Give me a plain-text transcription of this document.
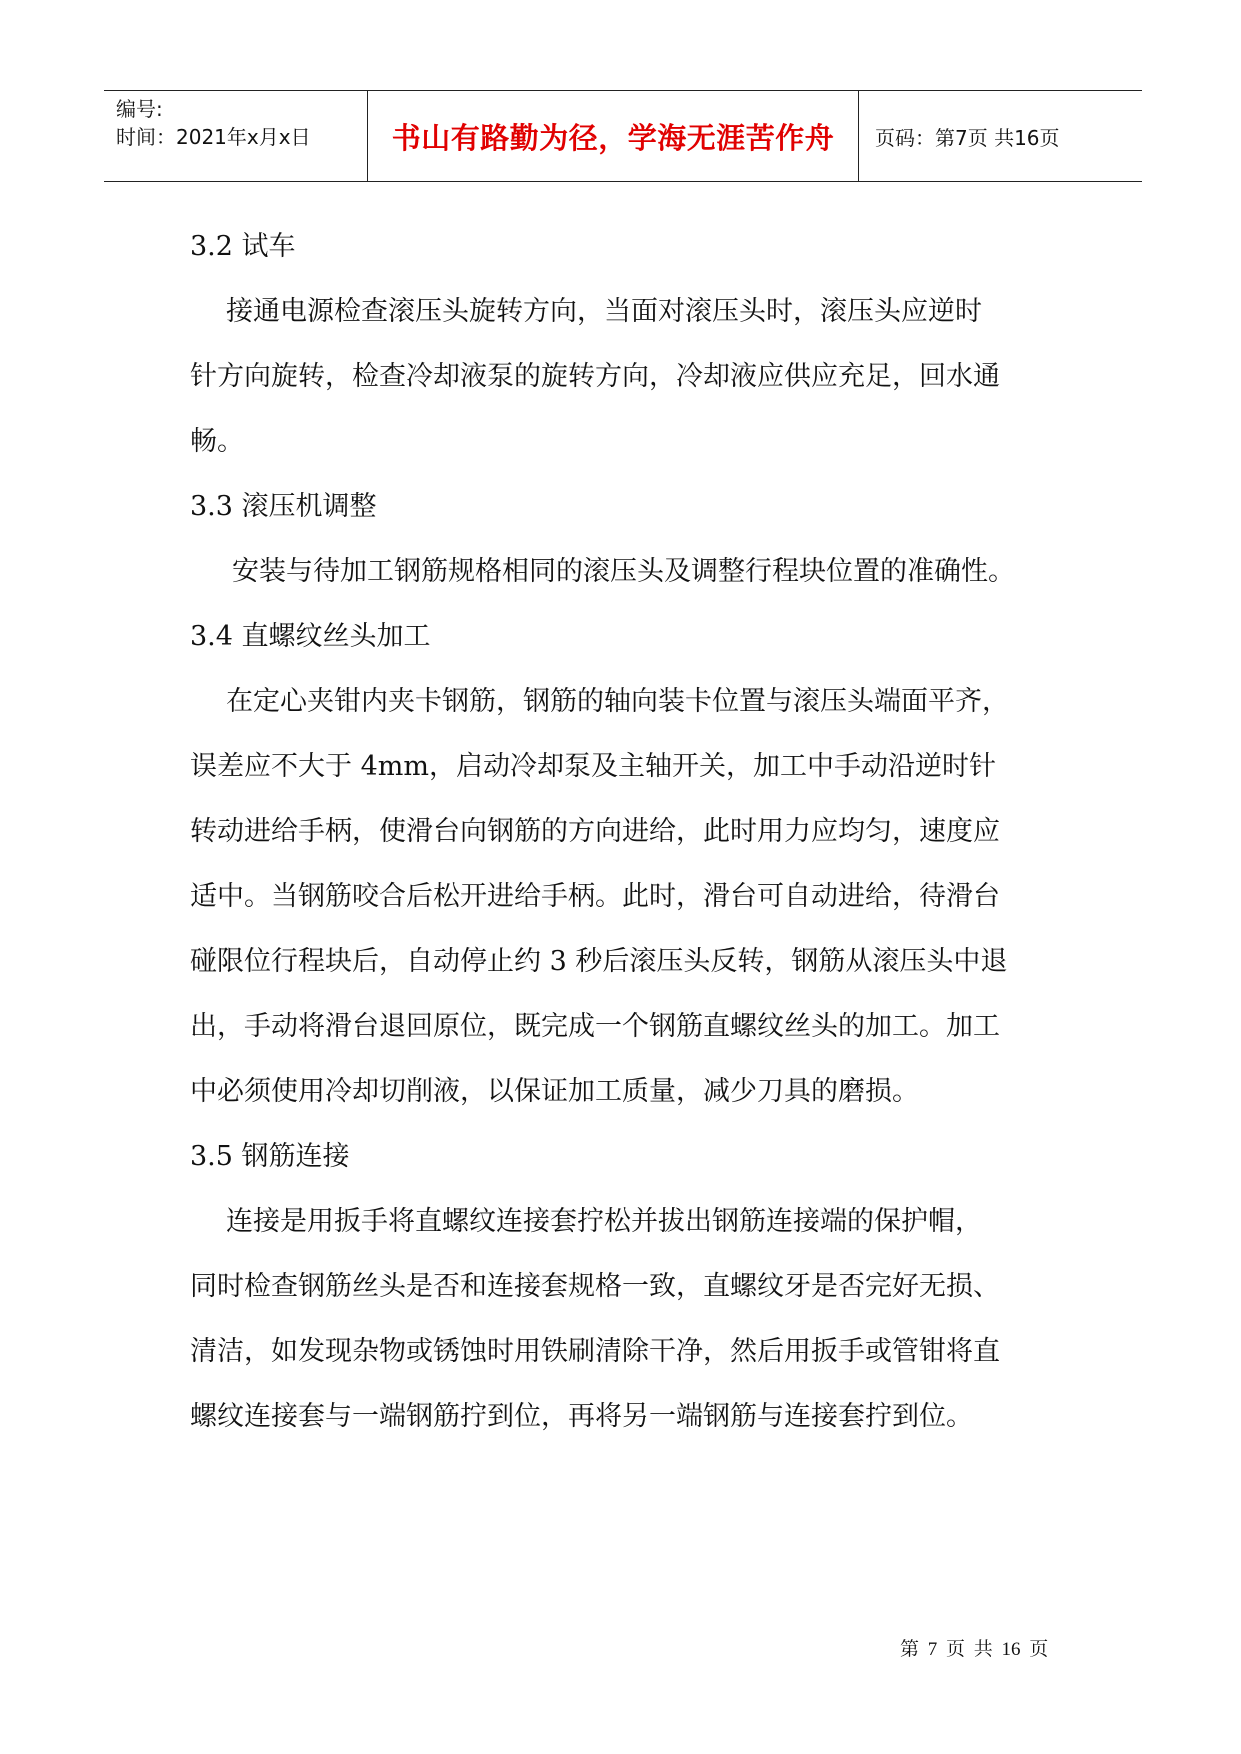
编号:
时间：2021年x月x日	书山有路勤为径，学海无涯苦作舟	页码：第7页 共16页
3.2 试车
接通电源检查滚压头旋转方向，当面对滚压头时，滚压头应逆时
针方向旋转，检查冷却液泵的旋转方向，冷却液应供应充足，回水通
畅。
3.3 滚压机调整
安装与待加工钢筋规格相同的滚压头及调整行程块位置的准确性。
3.4 直螺纹丝头加工
在定心夹钳内夹卡钢筋，钢筋的轴向装卡位置与滚压头端面平齐，
误差应不大于 4mm，启动冷却泵及主轴开关，加工中手动沿逆时针
转动进给手柄，使滑台向钢筋的方向进给，此时用力应均匀，速度应
适中。当钢筋咬合后松开进给手柄。此时，滑台可自动进给，待滑台
碰限位行程块后，自动停止约 3 秒后滚压头反转，钢筋从滚压头中退
出，手动将滑台退回原位，既完成一个钢筋直螺纹丝头的加工。加工
中必须使用冷却切削液，以保证加工质量，减少刀具的磨损。
3.5 钢筋连接
连接是用扳手将直螺纹连接套拧松并拔出钢筋连接端的保护帽，
同时检查钢筋丝头是否和连接套规格一致，直螺纹牙是否完好无损、
清洁，如发现杂物或锈蚀时用铁刷清除干净，然后用扳手或管钳将直
螺纹连接套与一端钢筋拧到位，再将另一端钢筋与连接套拧到位。
第 7 页 共 16 页
